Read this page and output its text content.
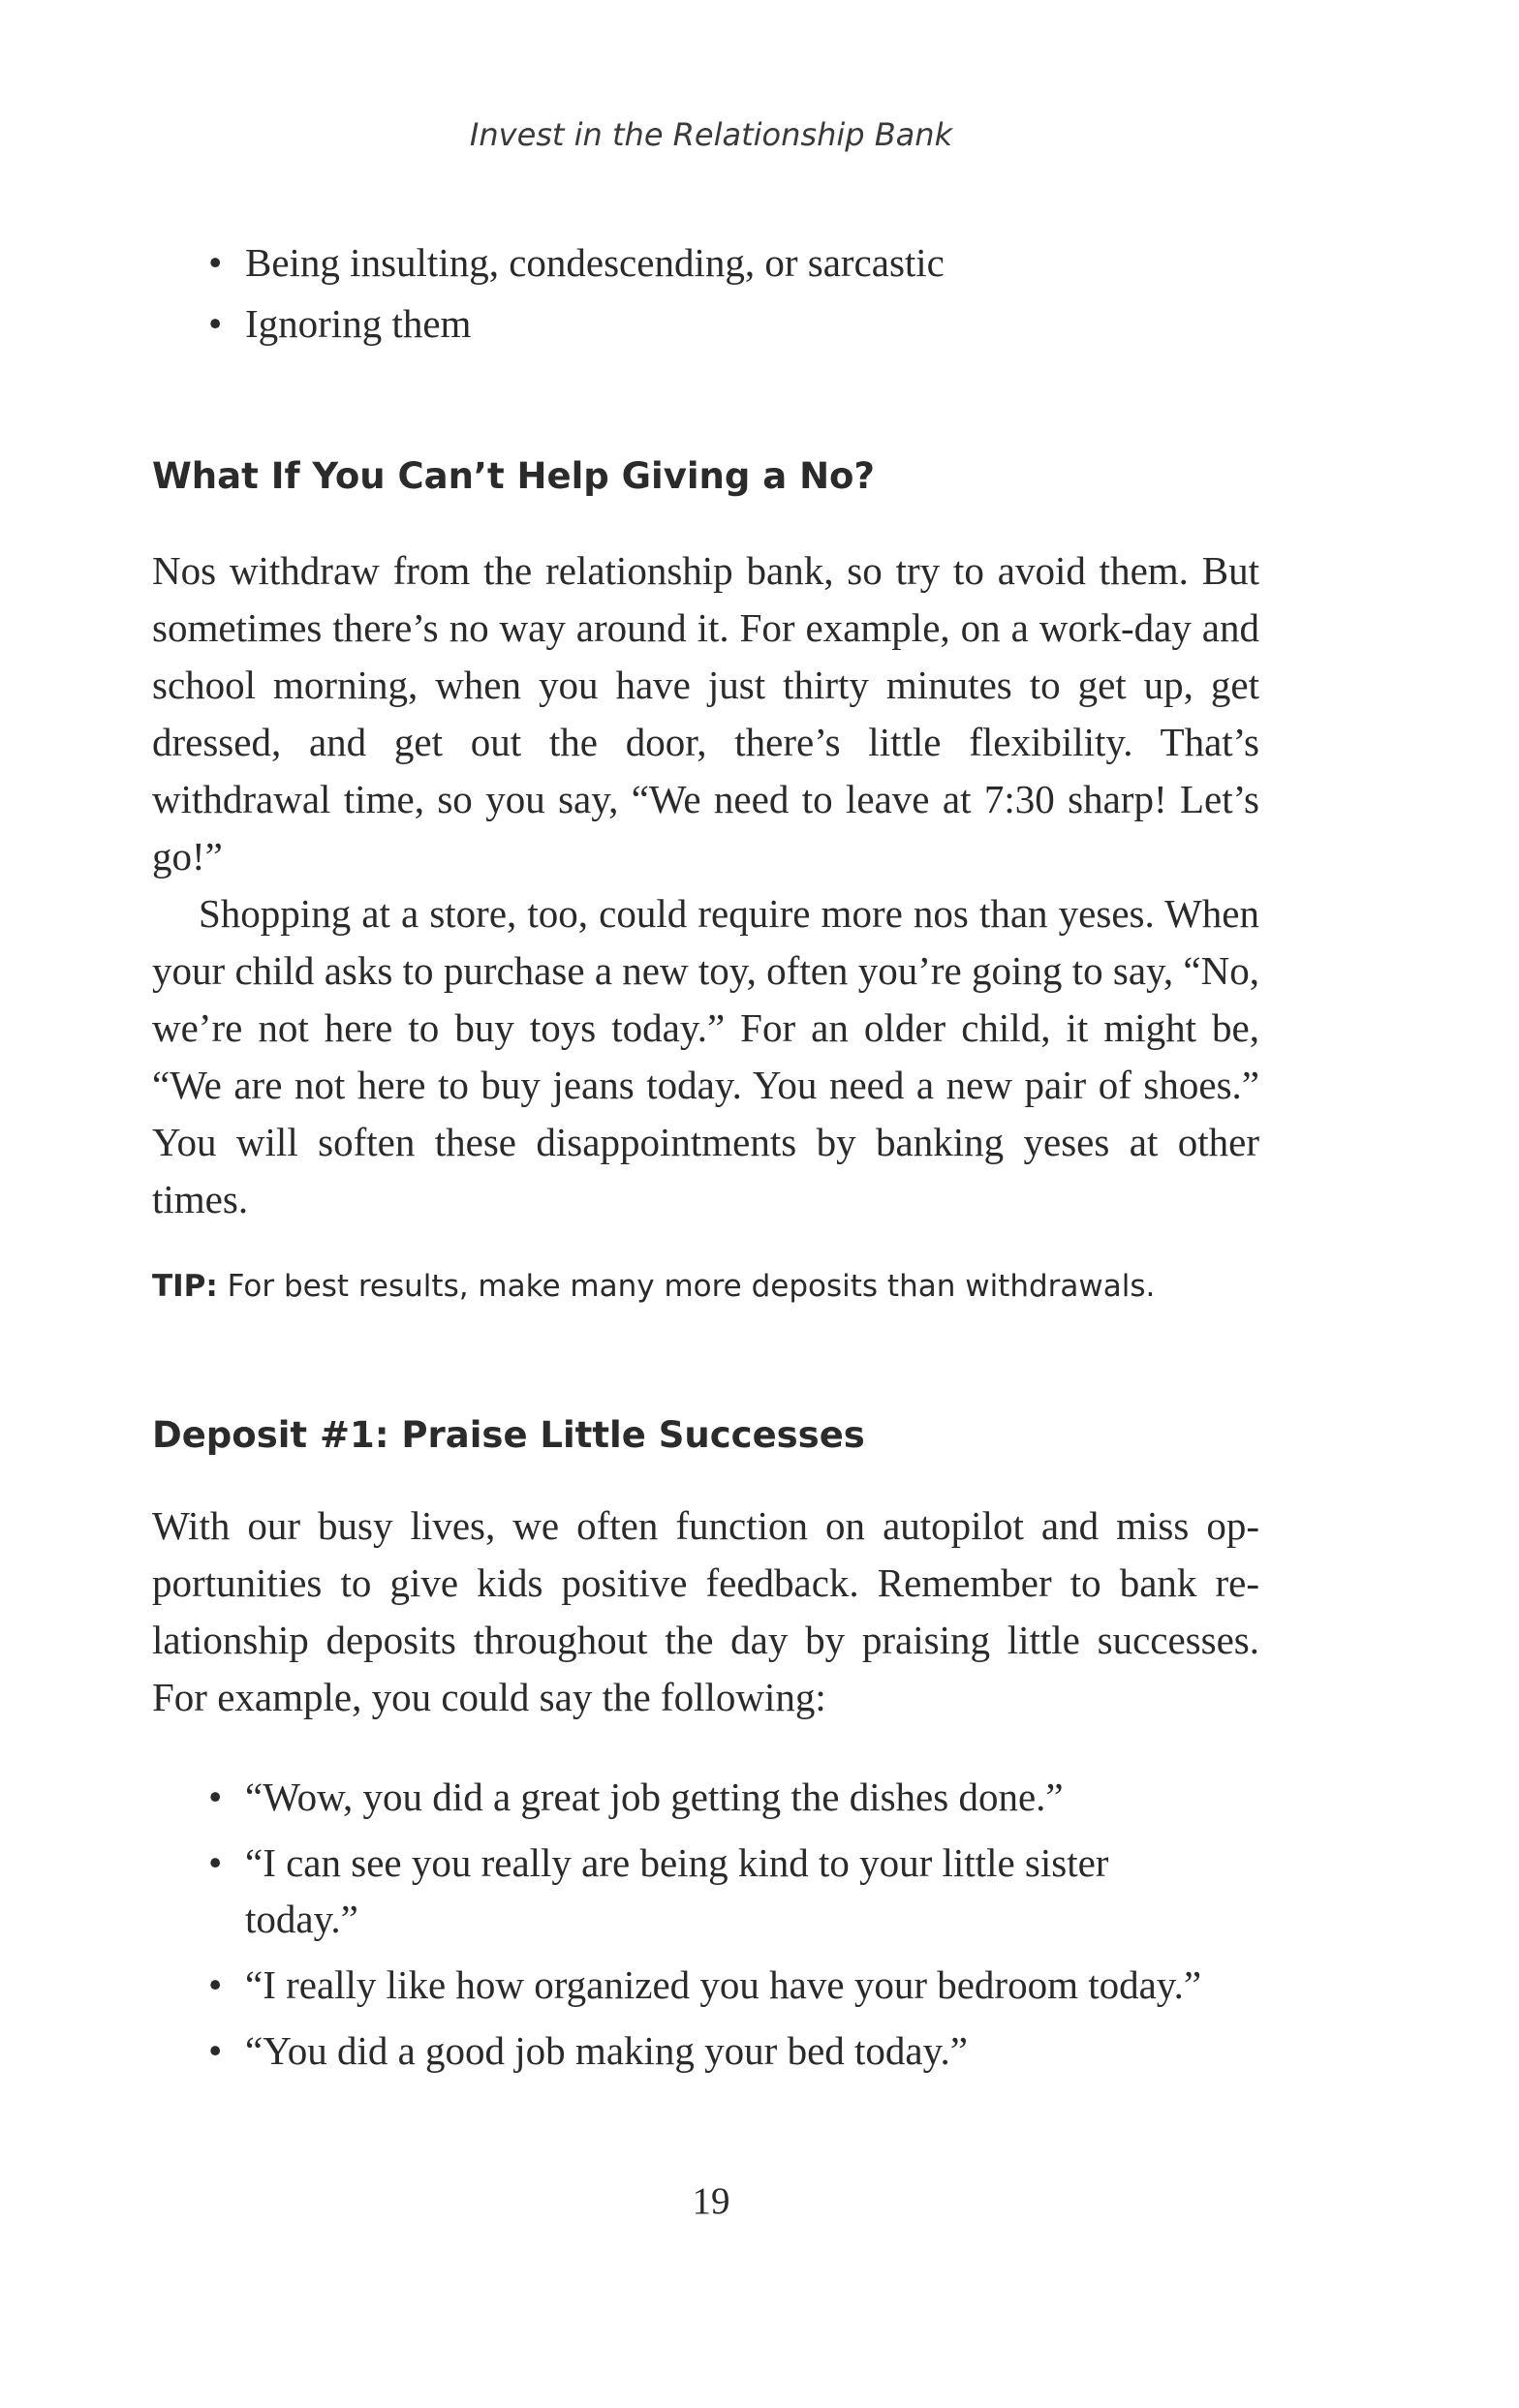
Invest in the Relationship Bank
• Being insulting, condescending, or sarcastic
• Ignoring them
What If You Can’t Help Giving a No?

Nos withdraw from the relationship bank, so try to avoid them. But sometimes there’s no way around it. For example, on a work-day and school morning, when you have just thirty minutes to get up, get dressed, and get out the door, there’s little flexibility. That’s withdrawal time, so you say, “We need to leave at 7:30 sharp! Let’s go!”

Shopping at a store, too, could require more nos than yeses. When your child asks to purchase a new toy, often you’re going to say, “No, we’re not here to buy toys today.” For an older child, it might be, “We are not here to buy jeans today. You need a new pair of shoes.” You will soften these disappointments by banking yeses at other times.

TIP: For best results, make many more deposits than withdrawals.
Deposit #1: Praise Little Successes

With our busy lives, we often function on autopilot and miss op-portunities to give kids positive feedback. Remember to bank re-lationship deposits throughout the day by praising little successes. For example, you could say the following:

• “Wow, you did a great job getting the dishes done.”
• “I can see you really are being kind to your little sister today.”
• “I really like how organized you have your bedroom today.”
• “You did a good job making your bed today.”
19
